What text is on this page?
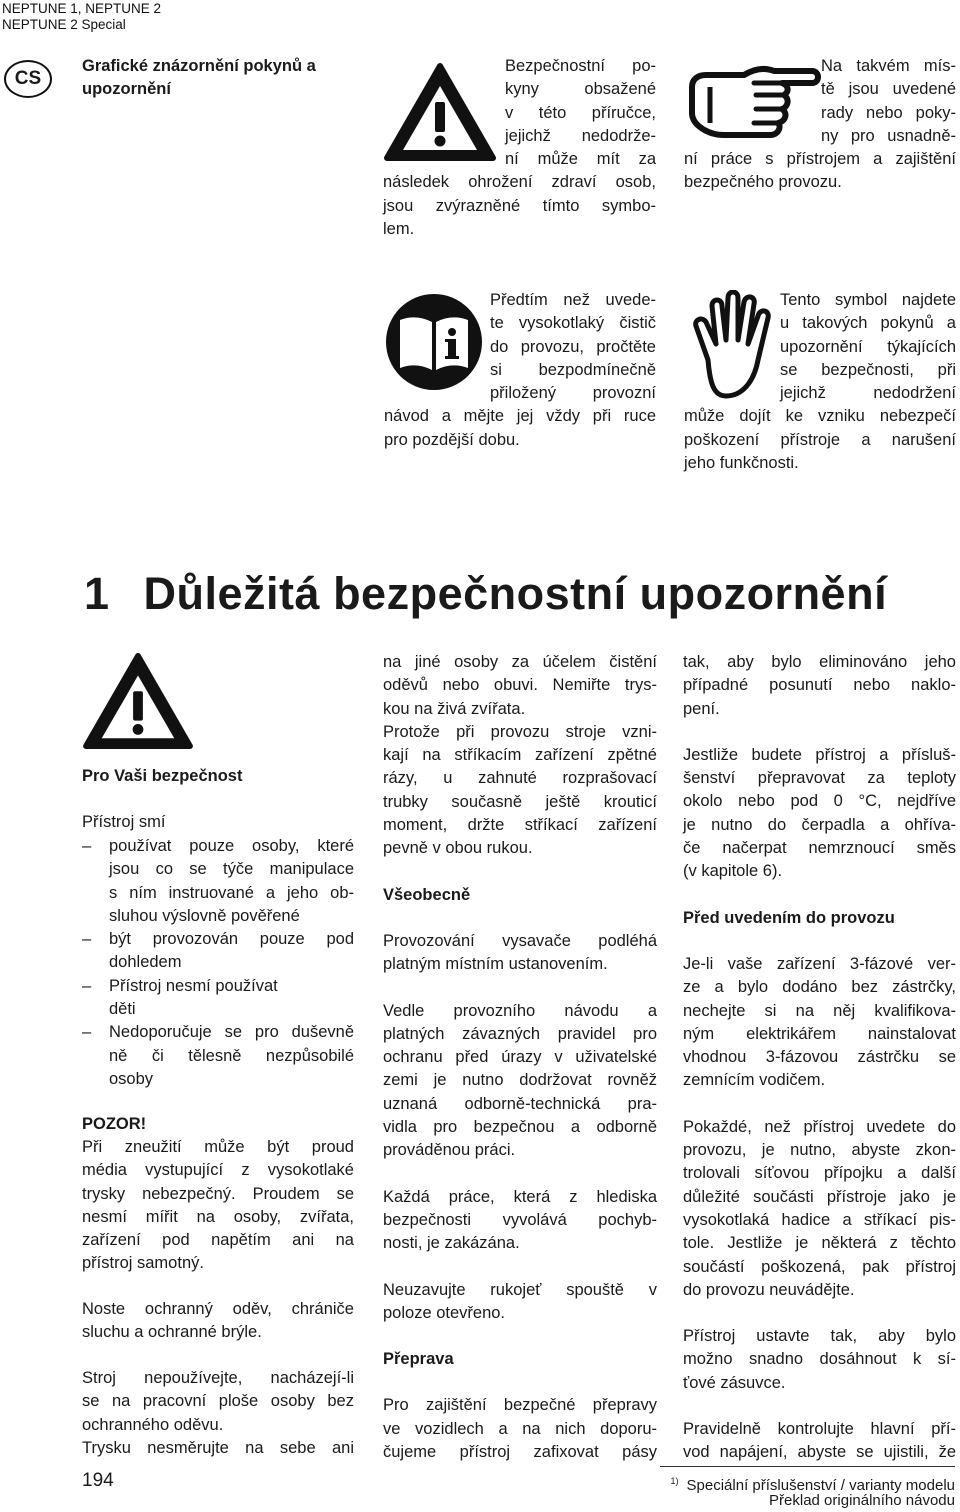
NEPTUNE 1, NEPTUNE 2
NEPTUNE 2 Special
CS
Grafické znázornění pokynů a
upozornění
Bezpečnostní po-
kyny obsažené
v této příručce,
jejichž nedodrže-
ní může mít za
následek ohrožení zdraví osob,
jsou zvýrazněné tímto symbo-
lem.
Na takvém mís-
tě jsou uvedené
rady nebo poky-
ny pro usnadně-
ní práce s přístrojem a zajištění
bezpečného provozu.
Předtím než uvede-
te vysokotlaký čistič
do provozu, pročtěte
si bezpodmínečně
přiložený provozní
návod a mějte jej vždy při ruce
pro pozdější dobu.
Tento symbol najdete
u takových pokynů a
upozornění týkajících
se bezpečnosti, při
jejichž nedodržení
může dojít ke vzniku nebezpečí
poškození přístroje a narušení
jeho funkčnosti.
1 Důležitá bezpečnostní upozornění
Pro Vaši bezpečnost
Přístroj smí
– používat pouze osoby, které
jsou co se týče manipulace
s ním instruované a jeho ob-
sluhou výslovně pověřené
– být provozován pouze pod
dohledem
– Přístroj nesmí používat
děti
– Nedoporučuje se pro duševně
ně či tělesně nezpůsobilé
osoby
POZOR!
Při zneužití může být proud
média vystupující z vysokotlaké
trysky nebezpečný. Proudem se
nesmí mířit na osoby, zvířata,
zařízení pod napětím ani na
přístroj samotný.
Noste ochranný oděv, chrániče
sluchu a ochranné brýle.
Stroj nepoužívejte, nacházejí-li
se na pracovní ploše osoby bez
ochranného oděvu.
Trysku nesměrujte na sebe ani
na jiné osoby za účelem čistění
oděvů nebo obuvi. Nemiřte trys-
kou na živá zvířata.
Protože při provozu stroje vzni-
kají na stříkacím zařízení zpětné
rázy, u zahnuté rozprašovací
trubky současně ještě krouticí
moment, držte stříkací zařízení
pevně v obou rukou.
Všeobecně
Provozování vysavače podléhá
platným místním ustanovením.
Vedle provozního návodu a
platných závazných pravidel pro
ochranu před úrazy v uživatelské
zemi je nutno dodržovat rovněž
uznaná odborně-technická pra-
vidla pro bezpečnou a odborně
prováděnou práci.
Každá práce, která z hlediska
bezpečnosti vyvolává pochyb-
nosti, je zakázána.
Neuzavujte rukojeť spouště v
poloze otevřeno.
Přeprava
Pro zajištění bezpečné přepravy
ve vozidlech a na nich doporu-
čujeme přístroj zafixovat pásy
tak, aby bylo eliminováno jeho
případné posunutí nebo naklo-
pení.
Jestliže budete přístroj a přísluš-
šenství přepravovat za teploty
okolo nebo pod 0 °C, nejdříve
je nutno do čerpadla a ohříva-
če načerpat nemrznoucí směs
(v kapitole 6).
Před uvedením do provozu
Je-li vaše zařízení 3-fázové ver-
ze a bylo dodáno bez zástrčky,
nechejte si na něj kvalifikova-
ným elektrikářem nainstalovat
vhodnou 3-fázovou zástrčku se
zemnícím vodičem.
Pokaždé, než přístroj uvedete do
provozu, je nutno, abyste zkon-
trolovali síťovou přípojku a další
důležité součásti přístroje jako je
vysokotlaká hadice a stříkací pis-
tole. Jestliže je některá z těchto
součástí poškozená, pak přístroj
do provozu neuvádějte.
Přístroj ustavte tak, aby bylo
možno snadno dosáhnout k sí-
ťové zásuvce.
Pravidelně kontrolujte hlavní pří-
vod napájení, abyste se ujistili, že
194	$^{1)}$ Speciální příslušenství / varianty modelu
Překlad originálního návodu
